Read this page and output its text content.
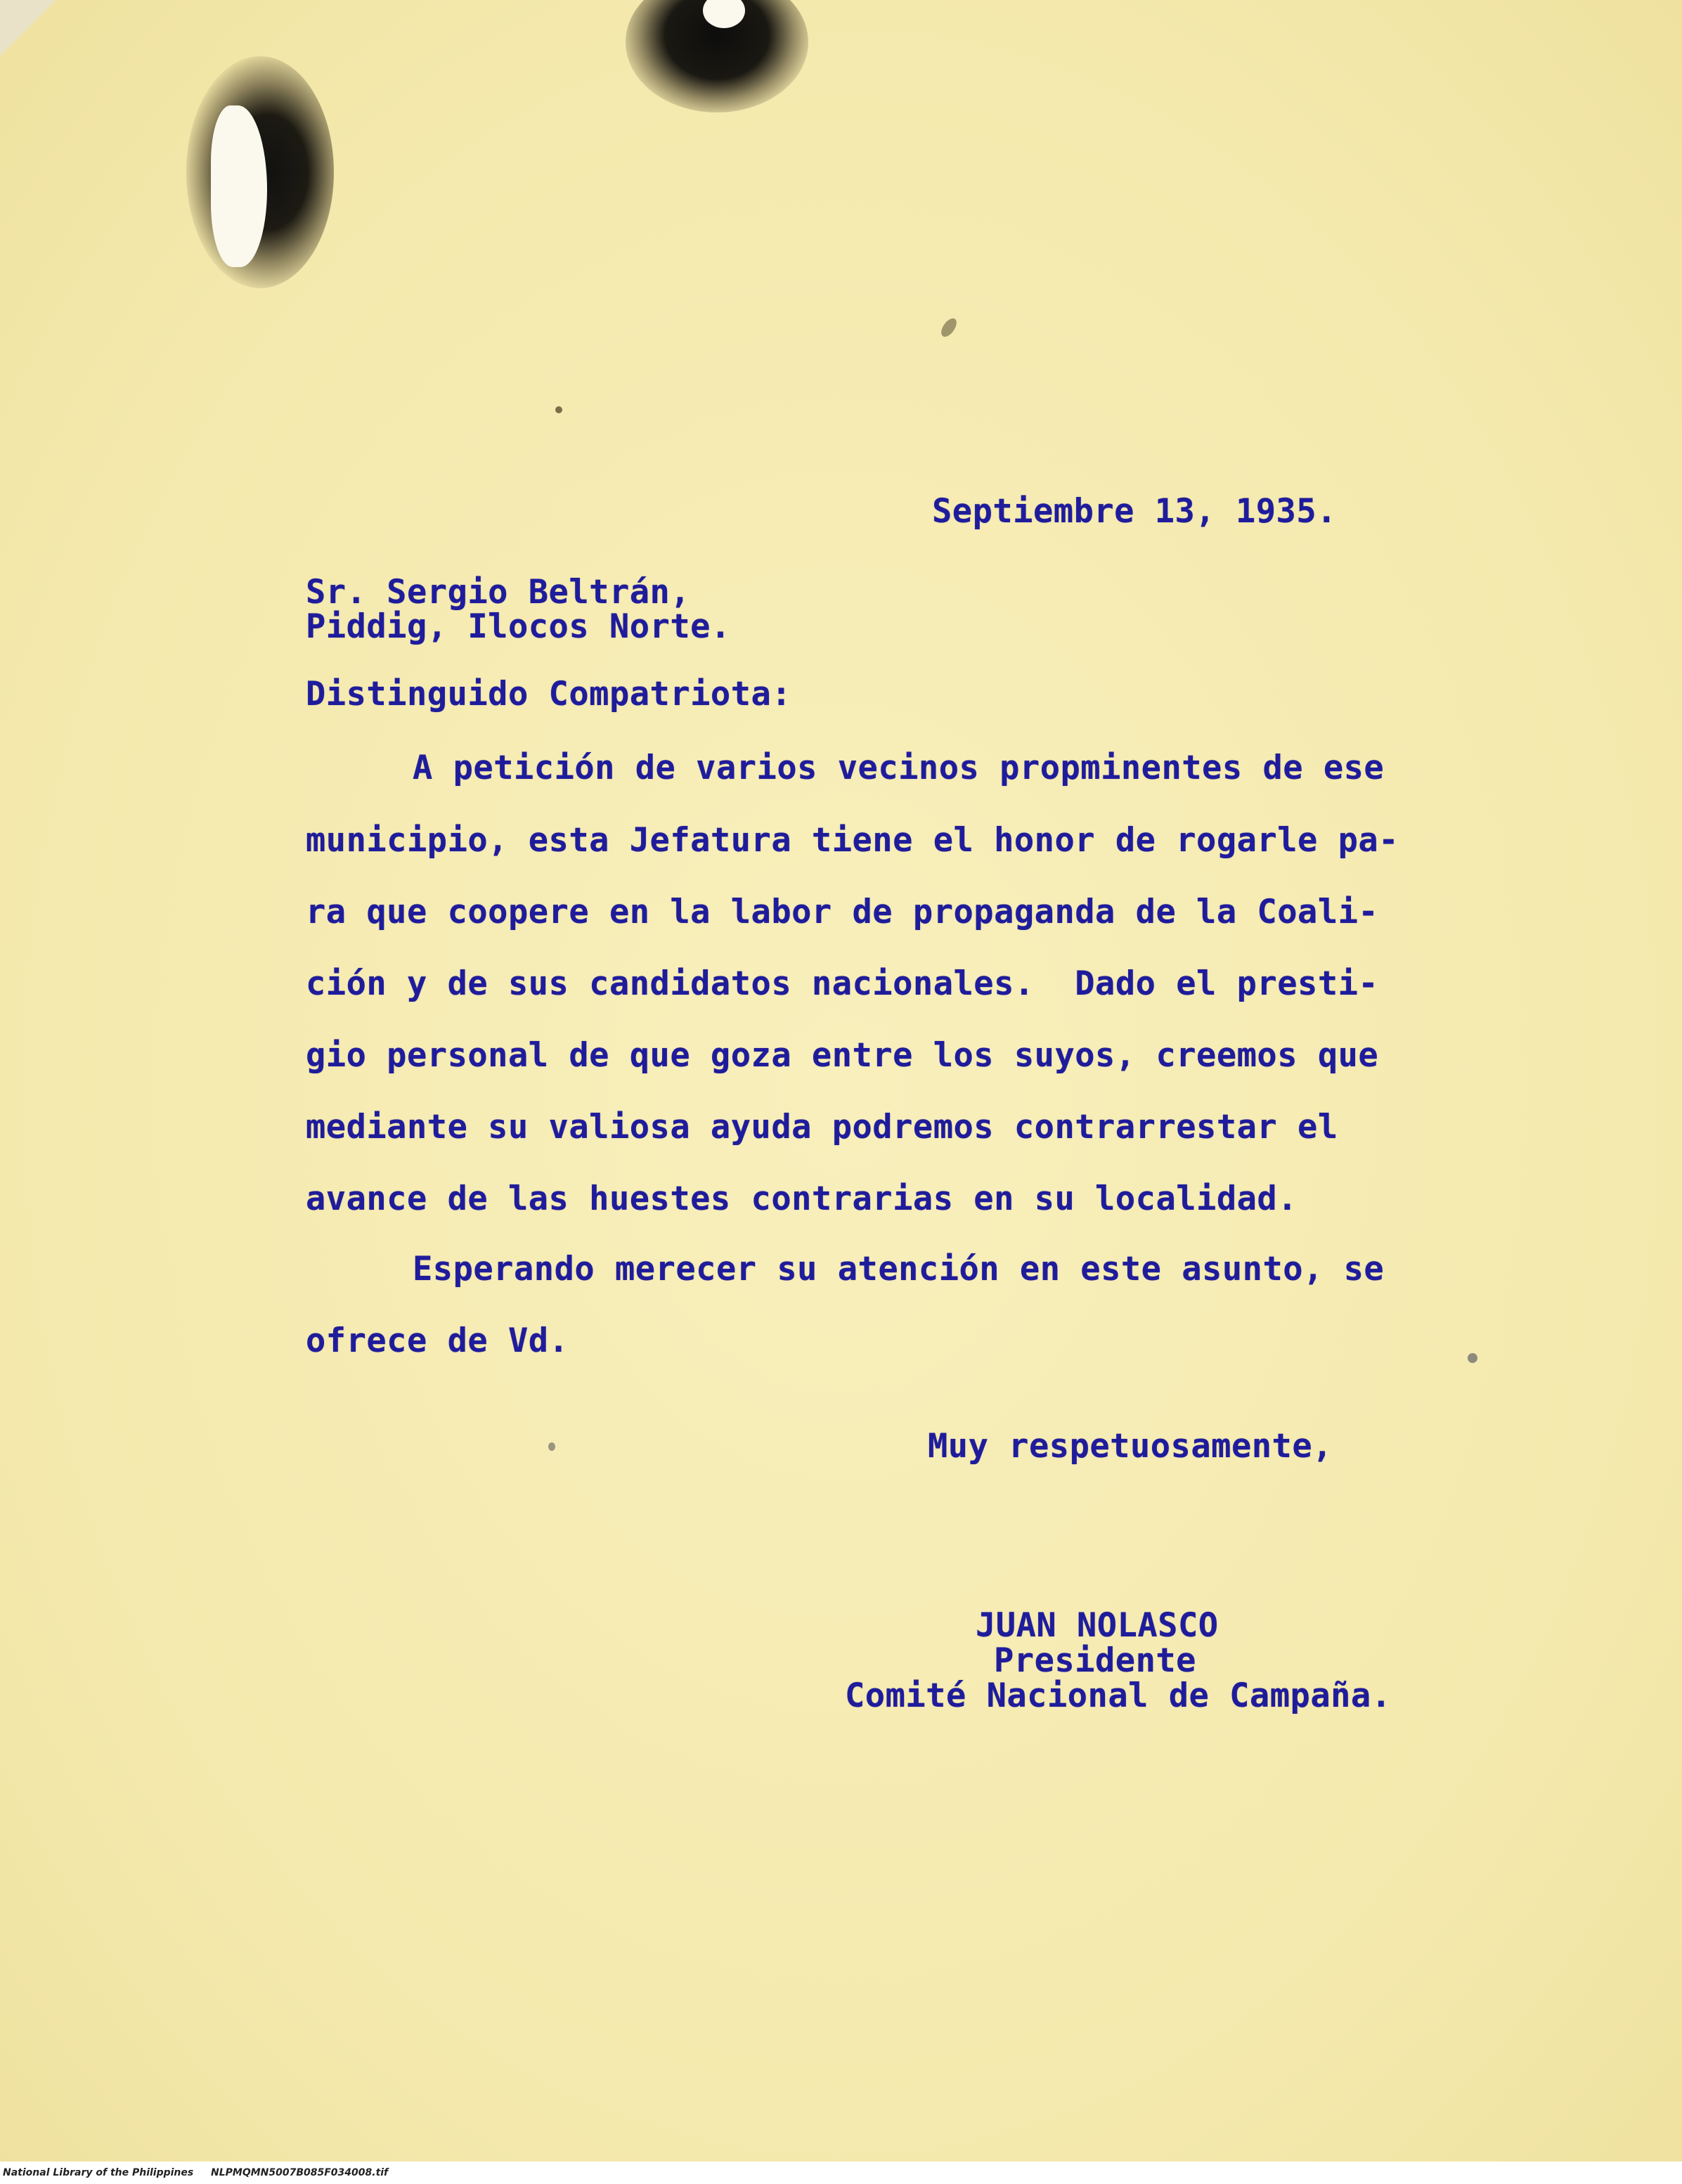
Septiembre 13, 1935.

Sr. Sergio Beltrán,

Piddig, Ilocos Norte.

Distinguido Compatriota:

A petición de varios vecinos propminentes de ese

municipio, esta Jefatura tiene el honor de rogarle pa-

ra que coopere en la labor de propaganda de la Coali-

ción y de sus candidatos nacionales.  Dado el presti-

gio personal de que goza entre los suyos, creemos que

mediante su valiosa ayuda podremos contrarrestar el

avance de las huestes contrarias en su localidad.

Esperando merecer su atención en este asunto, se

ofrece de Vd.

Muy respetuosamente,

JUAN NOLASCO

Presidente

Comité Nacional de Campaña.

National Library of the Philippines NLPMQMN5007B085F034008.tif
